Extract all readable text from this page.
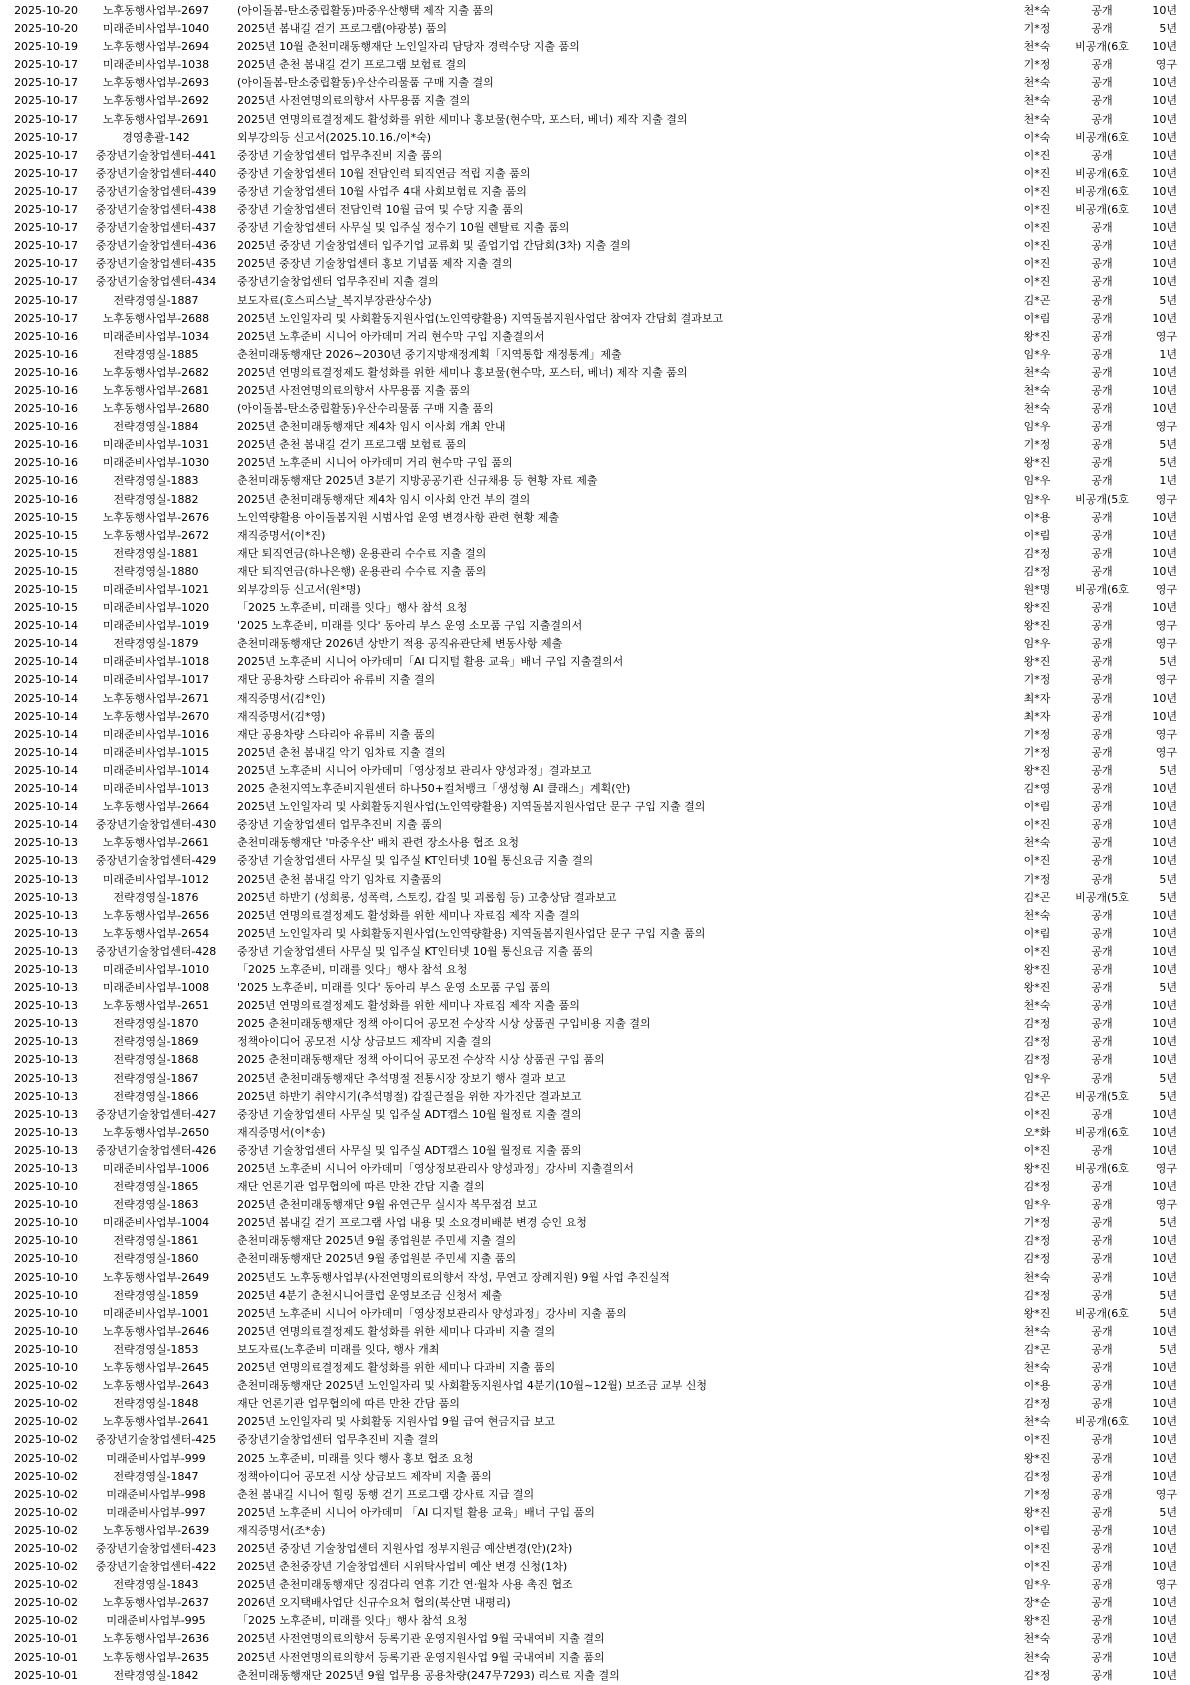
2025-10-20	노후동행사업부-2697	(아이돌봄-탄소중립활동)마중우산행택 제작 지출 품의	천*숙	공개	10년
2025-10-20	미래준비사업부-1040	2025년 봄내길 걷기 프로그램(야광봉) 품의	기*정	공개	5년
2025-10-19	노후동행사업부-2694	2025년 10월 춘천미래동행재단 노인일자리 담당자 경력수당 지출 품의	천*숙	비공개(6호	10년
2025-10-17	미래준비사업부-1038	2025년 춘천 봄내길 걷기 프로그램 보험료 결의	기*정	공개	영구
2025-10-17	노후동행사업부-2693	(아이돌봄-탄소중립활동)우산수리물품 구매 지출 결의	천*숙	공개	10년
2025-10-17	노후동행사업부-2692	2025년 사전연명의료의향서 사무용품 지출 결의	천*숙	공개	10년
2025-10-17	노후동행사업부-2691	2025년 연명의료결정제도 활성화를 위한 세미나 홍보물(현수막, 포스터, 베너) 제작 지출 결의	천*숙	공개	10년
2025-10-17	경영총괄-142	외부강의등 신고서(2025.10.16./이*숙)	이*숙	비공개(6호	10년
2025-10-17	중장년기술창업센터-441	중장년 기술창업센터 업무추진비 지출 품의	이*진	공개	10년
2025-10-17	중장년기술창업센터-440	중장년 기술창업센터 10월 전담인력 퇴직연금 적립 지출 품의	이*진	비공개(6호	10년
2025-10-17	중장년기술창업센터-439	중장년 기술창업센터 10월 사업주 4대 사회보험료 지출 품의	이*진	비공개(6호	10년
2025-10-17	중장년기술창업센터-438	중장년 기술창업센터 전담인력 10월 급여 및 수당 지출 품의	이*진	비공개(6호	10년
2025-10-17	중장년기술창업센터-437	중장년 기술창업센터 사무실 및 입주실 정수기 10월 렌탈료 지출 품의	이*진	공개	10년
2025-10-17	중장년기술창업센터-436	2025년 중장년 기술창업센터 입주기업 교류회 및 졸업기업 간담회(3차) 지출 결의	이*진	공개	10년
2025-10-17	중장년기술창업센터-435	2025년 중장년 기술창업센터 홍보 기념품 제작 지출 결의	이*진	공개	10년
2025-10-17	중장년기술창업센터-434	중장년기술창업센터 업무추진비 지출 결의	이*진	공개	10년
2025-10-17	전략경영실-1887	보도자료(호스피스날_복지부장관상수상)	김*곤	공개	5년
2025-10-17	노후동행사업부-2688	2025년 노인일자리 및 사회활동지원사업(노인역량활용) 지역돌봄지원사업단 참여자 간담회 결과보고	이*림	공개	10년
2025-10-16	미래준비사업부-1034	2025년 노후준비 시니어 아카데미 거리 현수막 구입 지출결의서	왕*진	공개	영구
2025-10-16	전략경영실-1885	춘천미래동행재단 2026~2030년 중기지방재정계획「지역통합 재정통계」제출	임*우	공개	1년
2025-10-16	노후동행사업부-2682	2025년 연명의료결정제도 활성화를 위한 세미나 홍보물(현수막, 포스터, 베너) 제작 지출 품의	천*숙	공개	10년
2025-10-16	노후동행사업부-2681	2025년 사전연명의료의향서 사무용품 지출 품의	천*숙	공개	10년
2025-10-16	노후동행사업부-2680	(아이돌봄-탄소중립활동)우산수리물품 구매 지출 품의	천*숙	공개	10년
2025-10-16	전략경영실-1884	2025년 춘천미래동행재단 제4차 임시 이사회 개최 안내	임*우	공개	영구
2025-10-16	미래준비사업부-1031	2025년 춘천 봄내길 걷기 프로그램 보험료 품의	기*정	공개	5년
2025-10-16	미래준비사업부-1030	2025년 노후준비 시니어 아카데미 거리 현수막 구입 품의	왕*진	공개	5년
2025-10-16	전략경영실-1883	춘천미래동행재단 2025년 3분기 지방공공기관 신규채용 등 현황 자료 제출	임*우	공개	1년
2025-10-16	전략경영실-1882	2025년 춘천미래동행재단 제4차 임시 이사회 안건 부의 결의	임*우	비공개(5호	영구
2025-10-15	노후동행사업부-2676	노인역량활용 아이돌봄지원 시범사업 운영 변경사항 관련 현황 제출	이*용	공개	10년
2025-10-15	노후동행사업부-2672	재직증명서(이*진)	이*림	공개	10년
2025-10-15	전략경영실-1881	재단 퇴직연금(하나은행) 운용관리 수수료 지출 결의	김*정	공개	10년
2025-10-15	전략경영실-1880	재단 퇴직연금(하나은행) 운용관리 수수료 지출 품의	김*정	공개	10년
2025-10-15	미래준비사업부-1021	외부강의등 신고서(원*명)	원*명	비공개(6호	영구
2025-10-15	미래준비사업부-1020	「2025 노후준비, 미래를 잇다」행사 참석 요청	왕*진	공개	10년
2025-10-14	미래준비사업부-1019	'2025 노후준비, 미래를 잇다' 동아리 부스 운영 소모품 구입 지출결의서	왕*진	공개	영구
2025-10-14	전략경영실-1879	춘천미래동행재단 2026년 상반기 적용 공직유관단체 변동사항 제출	임*우	공개	영구
2025-10-14	미래준비사업부-1018	2025년 노후준비 시니어 아카데미「AI 디지털 활용 교육」배너 구입 지출결의서	왕*진	공개	5년
2025-10-14	미래준비사업부-1017	재단 공용차량 스타리아 유류비 지출 결의	기*정	공개	영구
2025-10-14	노후동행사업부-2671	재직증명서(김*인)	최*자	공개	10년
2025-10-14	노후동행사업부-2670	재직증명서(김*영)	최*자	공개	10년
2025-10-14	미래준비사업부-1016	재단 공용차량 스타리아 유류비 지출 품의	기*정	공개	영구
2025-10-14	미래준비사업부-1015	2025년 춘천 봄내길 악기 임차료 지출 결의	기*정	공개	영구
2025-10-14	미래준비사업부-1014	2025년 노후준비 시니어 아카데미「영상정보 관리사 양성과정」결과보고	왕*진	공개	5년
2025-10-14	미래준비사업부-1013	2025 춘천지역노후준비지원센터 하나50+컬처뱅크「생성형 AI 클래스」계획(안)	김*영	공개	10년
2025-10-14	노후동행사업부-2664	2025년 노인일자리 및 사회활동지원사업(노인역량활용) 지역돌봄지원사업단 문구 구입 지출 결의	이*림	공개	10년
2025-10-14	중장년기술창업센터-430	중장년 기술창업센터 업무추진비 지출 품의	이*진	공개	10년
2025-10-13	노후동행사업부-2661	춘천미래동행재단 '마중우산' 배치 관련 장소사용 협조 요청	천*숙	공개	10년
2025-10-13	중장년기술창업센터-429	중장년 기술창업센터 사무실 및 입주실 KT인터넷 10월 통신요금 지출 결의	이*진	공개	10년
2025-10-13	미래준비사업부-1012	2025년 춘천 봄내길 악기 임차료 지출품의	기*정	공개	5년
2025-10-13	전략경영실-1876	2025년 하반기 (성희롱, 성폭력, 스토킹, 갑질 및 괴롭힘 등) 고충상담 결과보고	김*곤	비공개(5호	5년
2025-10-13	노후동행사업부-2656	2025년 연명의료결정제도 활성화를 위한 세미나 자료집 제작 지출 결의	천*숙	공개	10년
2025-10-13	노후동행사업부-2654	2025년 노인일자리 및 사회활동지원사업(노인역량활용) 지역돌봄지원사업단 문구 구입 지출 품의	이*림	공개	10년
2025-10-13	중장년기술창업센터-428	중장년 기술창업센터 사무실 및 입주실 KT인터넷 10월 통신요금 지출 품의	이*진	공개	10년
2025-10-13	미래준비사업부-1010	「2025 노후준비, 미래를 잇다」행사 참석 요청	왕*진	공개	10년
2025-10-13	미래준비사업부-1008	'2025 노후준비, 미래를 잇다' 동아리 부스 운영 소모품 구입 품의	왕*진	공개	5년
2025-10-13	노후동행사업부-2651	2025년 연명의료결정제도 활성화를 위한 세미나 자료집 제작 지출 품의	천*숙	공개	10년
2025-10-13	전략경영실-1870	2025 춘천미래동행재단 정책 아이디어 공모전 수상작 시상 상품권 구입비용 지출 결의	김*정	공개	10년
2025-10-13	전략경영실-1869	정책아이디어 공모전 시상 상금보드 제작비 지출 결의	김*정	공개	10년
2025-10-13	전략경영실-1868	2025 춘천미래동행재단 정책 아이디어 공모전 수상작 시상 상품권 구입 품의	김*정	공개	10년
2025-10-13	전략경영실-1867	2025년 춘천미래동행재단 추석명절 전통시장 장보기 행사 결과 보고	임*우	공개	5년
2025-10-13	전략경영실-1866	2025년 하반기 취약시기(추석명절) 갑질근절을 위한 자가진단 결과보고	김*곤	비공개(5호	5년
2025-10-13	중장년기술창업센터-427	중장년 기술창업센터 사무실 및 입주실 ADT캡스 10월 월정료 지출 결의	이*진	공개	10년
2025-10-13	노후동행사업부-2650	재직증명서(이*송)	오*화	비공개(6호	10년
2025-10-13	중장년기술창업센터-426	중장년 기술창업센터 사무실 및 입주실 ADT캡스 10월 월정료 지출 품의	이*진	공개	10년
2025-10-13	미래준비사업부-1006	2025년 노후준비 시니어 아카데미「영상정보관리사 양성과정」강사비 지출결의서	왕*진	비공개(6호	영구
2025-10-10	전략경영실-1865	재단 언론기관 업무협의에 따른 만찬 간담 지출 결의	김*정	공개	10년
2025-10-10	전략경영실-1863	2025년 춘천미래동행재단 9월 유연근무 실시자 복무점검 보고	임*우	공개	영구
2025-10-10	미래준비사업부-1004	2025년 봄내길 걷기 프로그램 사업 내용 및 소요경비배분 변경 승인 요청	기*정	공개	5년
2025-10-10	전략경영실-1861	춘천미래동행재단 2025년 9월 종업원분 주민세 지출 결의	김*정	공개	10년
2025-10-10	전략경영실-1860	춘천미래동행재단 2025년 9월 종업원분 주민세 지출 품의	김*정	공개	10년
2025-10-10	노후동행사업부-2649	2025년도 노후동행사업부(사전연명의료의향서 작성, 무연고 장례지원) 9월 사업 추진실적	천*숙	공개	10년
2025-10-10	전략경영실-1859	2025년 4분기 춘천시니어클럽 운영보조금 신청서 제출	김*정	공개	5년
2025-10-10	미래준비사업부-1001	2025년 노후준비 시니어 아카데미「영상정보관리사 양성과정」강사비 지출 품의	왕*진	비공개(6호	5년
2025-10-10	노후동행사업부-2646	2025년 연명의료결정제도 활성화를 위한 세미나 다과비 지출 결의	천*숙	공개	10년
2025-10-10	전략경영실-1853	보도자료(노후준비 미래를 잇다, 행사 개최	김*곤	공개	5년
2025-10-10	노후동행사업부-2645	2025년 연명의료결정제도 활성화를 위한 세미나 다과비 지출 품의	천*숙	공개	10년
2025-10-02	노후동행사업부-2643	춘천미래동행재단 2025년 노인일자리 및 사회활동지원사업 4분기(10월~12월) 보조금 교부 신청	이*용	공개	10년
2025-10-02	전략경영실-1848	재단 언론기관 업무협의에 따른 만찬 간담 품의	김*정	공개	10년
2025-10-02	노후동행사업부-2641	2025년 노인일자리 및 사회활동 지원사업 9월 급여 현금지급 보고	천*숙	비공개(6호	10년
2025-10-02	중장년기술창업센터-425	중장년기술창업센터 업무추진비 지출 결의	이*진	공개	10년
2025-10-02	미래준비사업부-999	2025 노후준비, 미래를 잇다 행사 홍보 협조 요청	왕*진	공개	10년
2025-10-02	전략경영실-1847	정책아이디어 공모전 시상 상금보드 제작비 지출 품의	김*정	공개	10년
2025-10-02	미래준비사업부-998	춘천 봄내길 시니어 힐링 동행 걷기 프로그램 강사료 지급 결의	기*정	공개	영구
2025-10-02	미래준비사업부-997	2025년 노후준비 시니어 아카데미 「AI 디지털 활용 교육」배너 구입 품의	왕*진	공개	5년
2025-10-02	노후동행사업부-2639	재직증명서(조*송)	이*림	공개	10년
2025-10-02	중장년기술창업센터-423	2025년 중장년 기술창업센터 지원사업 정부지원금 예산변경(안)(2차)	이*진	공개	10년
2025-10-02	중장년기술창업센터-422	2025년 춘천중장년 기술창업센터 시위탁사업비 예산 변경 신청(1차)	이*진	공개	10년
2025-10-02	전략경영실-1843	2025년 춘천미래동행재단 징검다리 연휴 기간 연·월차 사용 촉진 협조	임*우	공개	영구
2025-10-02	노후동행사업부-2637	2026년 오지택배사업단 신규수요처 협의(북산면 내평리)	장*순	공개	10년
2025-10-02	미래준비사업부-995	「2025 노후준비, 미래를 잇다」행사 참석 요청	왕*진	공개	10년
2025-10-01	노후동행사업부-2636	2025년 사전연명의료의향서 등록기관 운영지원사업 9월 국내여비 지출 결의	천*숙	공개	10년
2025-10-01	노후동행사업부-2635	2025년 사전연명의료의향서 등록기관 운영지원사업 9월 국내여비 지출 품의	천*숙	공개	10년
2025-10-01	전략경영실-1842	춘천미래동행재단 2025년 9월 업무용 공용차량(247무7293) 리스료 지출 결의	김*정	공개	10년
